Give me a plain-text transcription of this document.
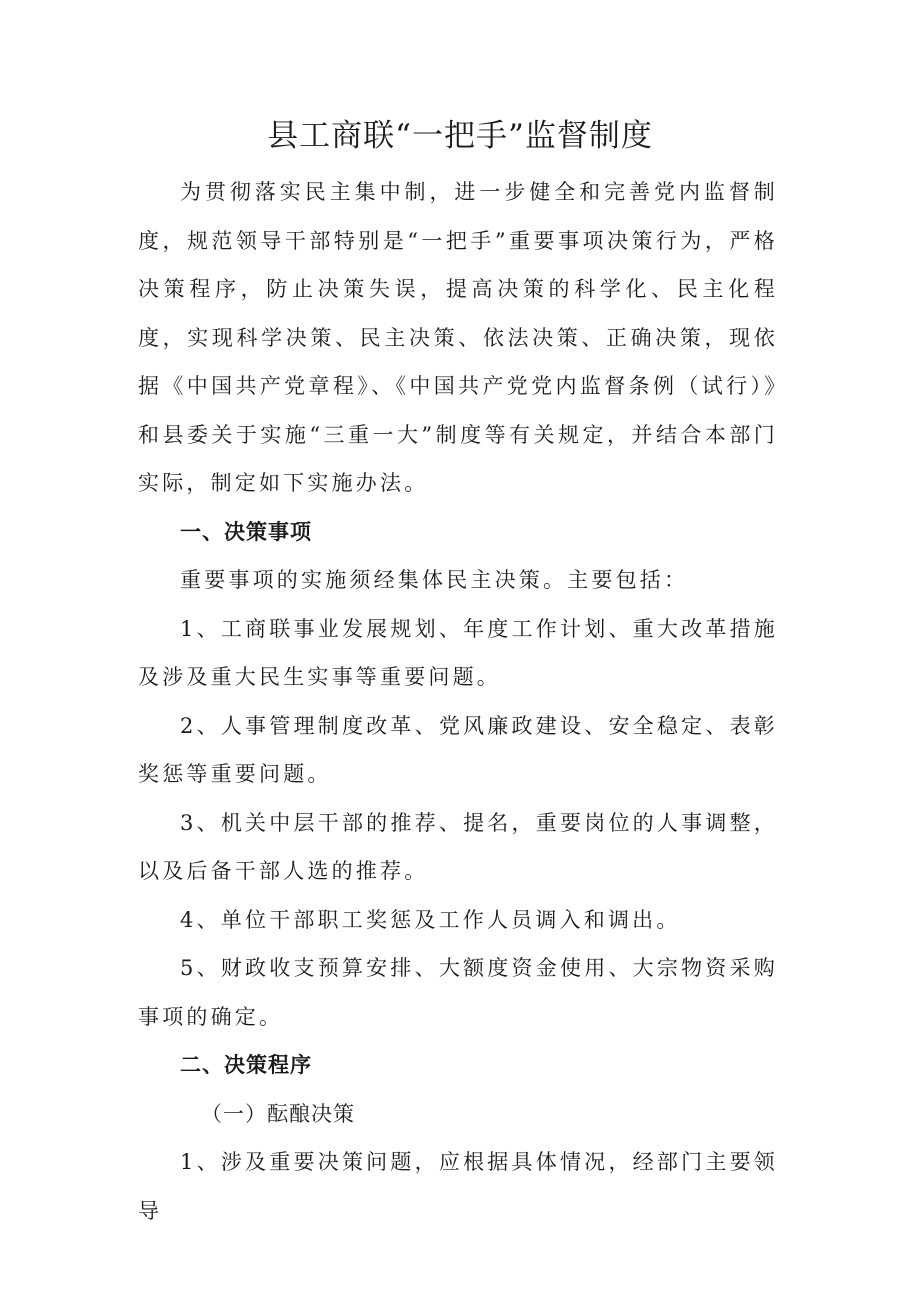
县工商联“一把手”监督制度

为贯彻落实民主集中制，进一步健全和完善党内监督制度，规范领导干部特别是“一把手”重要事项决策行为，严格决策程序，防止决策失误，提高决策的科学化、民主化程度，实现科学决策、民主决策、依法决策、正确决策，现依据《中国共产党章程》、《中国共产党党内监督条例（试行）》和县委关于实施“三重一大”制度等有关规定，并结合本部门实际，制定如下实施办法。

一、决策事项

重要事项的实施须经集体民主决策。主要包括：

1、工商联事业发展规划、年度工作计划、重大改革措施及涉及重大民生实事等重要问题。

2、人事管理制度改革、党风廉政建设、安全稳定、表彰奖惩等重要问题。

3、机关中层干部的推荐、提名，重要岗位的人事调整，以及后备干部人选的推荐。

4、单位干部职工奖惩及工作人员调入和调出。

5、财政收支预算安排、大额度资金使用、大宗物资采购事项的确定。

二、决策程序

（一）酝酿决策

1、涉及重要决策问题，应根据具体情况，经部门主要领导
